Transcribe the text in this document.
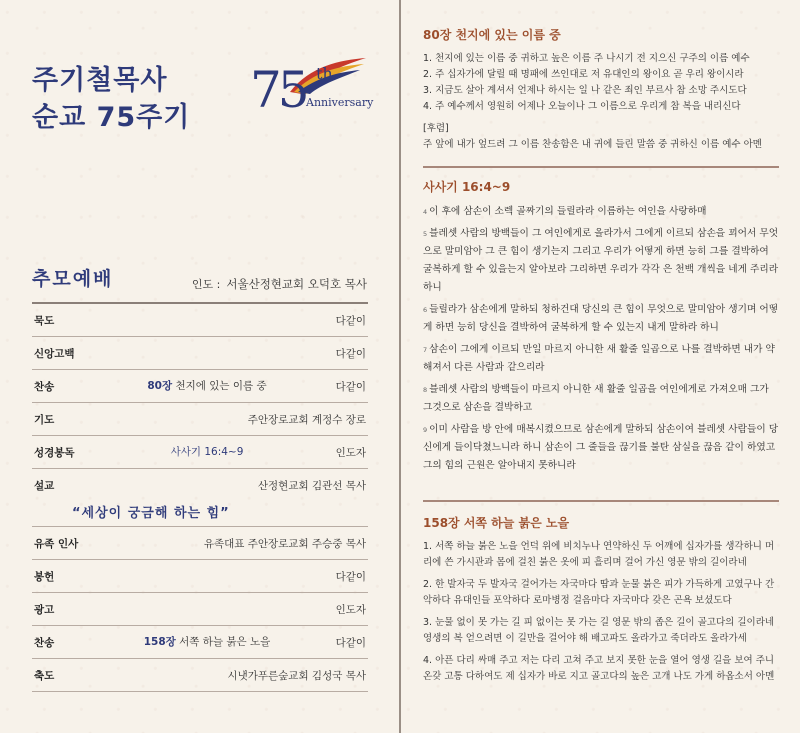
주기철목사
순교 75주기 75 th
Anniversary
추모예배	인도 : 서울산정현교회 오덕호 목사
묵도	다같이
신앙고백	다같이
찬송	80장 천지에 있는 이름 중	다같이
기도	주안장로교회 계정수 장로
성경봉독	사사기 16:4~9	인도자
설교	산정현교회 김관선 목사
“세상이 궁금해 하는 힘”
유족 인사	유족대표 주안장로교회 주승중 목사
봉헌	다같이
광고	인도자
찬송	158장 서쪽 하늘 붉은 노을	다같이
축도	시냇가푸른숲교회 김성국 목사
80장 천지에 있는 이름 중
1. 천지에 있는 이름 중 귀하고 높은 이름 주 나시기 전 지으신 구주의 이름 예수
2. 주 십자가에 달릴 때 명패에 쓰인대로 저 유대인의 왕이요 곧 우리 왕이시라
3. 지금도 살아 계셔서 언제나 하시는 일 나 같은 죄인 부르사 참 소망 주시도다
4. 주 예수께서 영원히 어제나 오늘이나 그 이름으로 우리게 참 복을 내리신다
[후렴]
주 앞에 내가 엎드려 그 이름 찬송함은 내 귀에 들린 말씀 중 귀하신 이름 예수 아멘
사사기 16:4~9
$^4$ 이 후에 삼손이 소렉 골짜기의 들릴라라 이름하는 여인을 사랑하매
$^5$ 블레셋 사람의 방백들이 그 여인에게로 올라가서 그에게 이르되 삼손을 꾀어서 무엇으로 말미암아 그 큰 힘이 생기는지 그리고 우리가 어떻게 하면 능히 그를 결박하여 굴복하게 할 수 있을는지 알아보라 그리하면 우리가 각각 은 천백 개씩을 네게 주리라 하니
$^6$ 들릴라가 삼손에게 말하되 청하건대 당신의 큰 힘이 무엇으로 말미암아 생기며 어떻게 하면 능히 당신을 결박하여 굴복하게 할 수 있는지 내게 말하라 하니
$^7$ 삼손이 그에게 이르되 만일 마르지 아니한 새 활줄 일곱으로 나를 결박하면 내가 약해져서 다른 사람과 같으리라
$^8$ 블레셋 사람의 방백들이 마르지 아니한 새 활줄 일곱을 여인에게로 가져오매 그가 그것으로 삼손을 결박하고
$^9$ 이미 사람을 방 안에 매복시켰으므로 삼손에게 말하되 삼손이여 블레셋 사람들이 당신에게 들이닥쳤느니라 하니 삼손이 그 줄들을 끊기를 불탄 삼실을 끊음 같이 하였고 그의 힘의 근원은 알아내지 못하니라
158장 서쪽 하늘 붉은 노을
1. 서쪽 하늘 붉은 노을 언덕 위에 비치누나 연약하신 두 어깨에 십자가를 생각하니 머리에 쓴 가시관과 몸에 걸친 붉은 옷에 피 흘리며 걸어 가신 영문 밖의 길이라네
2. 한 발자국 두 발자국 걸어가는 자국마다 땀과 눈물 붉은 피가 가득하게 고였구나 간악하다 유대인들 포악하다 로마병정 걸음마다 자국마다 갖은 곤욕 보셨도다
3. 눈물 없이 못 가는 길 피 없이는 못 가는 길 영문 밖의 좁은 길이 골고다의 길이라네 영생의 복 얻으려면 이 길만을 걸어야 해 배고파도 올라가고 죽더라도 올라가세
4. 아픈 다리 싸매 주고 저는 다리 고쳐 주고 보지 못한 눈을 열어 영생 길을 보여 주니 온갖 고통 다하여도 제 십자가 바로 지고 골고다의 높은 고개 나도 가게 하옵소서 아멘
